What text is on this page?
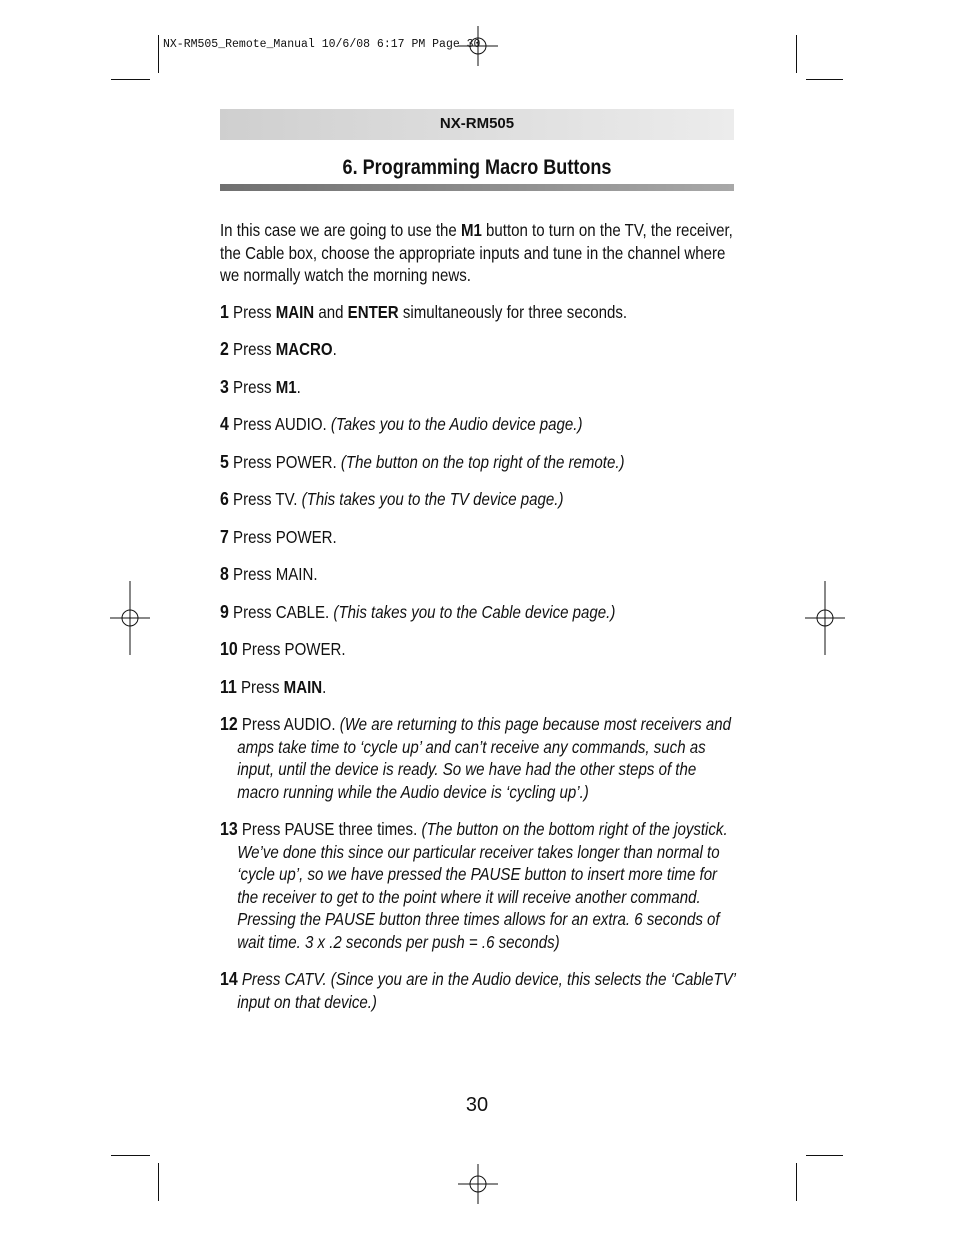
NX-RM505_Remote_Manual 10/6/08 6:17 PM Page 30
NX-RM505
6. Programming Macro Buttons

In this case we are going to use the M1 button to turn on the TV, the receiver, the Cable box, choose the appropriate inputs and tune in the channel where we normally watch the morning news.

1 Press MAIN and ENTER simultaneously for three seconds.

2 Press MACRO.

3 Press M1.

4 Press AUDIO. (Takes you to the Audio device page.)

5 Press POWER. (The button on the top right of the remote.)

6 Press TV. (This takes you to the TV device page.)

7 Press POWER.

8 Press MAIN.

9 Press CABLE. (This takes you to the Cable device page.)

10 Press POWER.

11 Press MAIN.

12 Press AUDIO. (We are returning to this page because most receivers and amps take time to ‘cycle up’ and can’t receive any commands, such as input, until the device is ready. So we have had the other steps of the macro running while the Audio device is ‘cycling up’.)

13 Press PAUSE three times. (The button on the bottom right of the joystick. We’ve done this since our particular receiver takes longer than normal to ‘cycle up’, so we have pressed the PAUSE button to insert more time for the receiver to get to the point where it will receive another command. Pressing the PAUSE button three times allows for an extra. 6 seconds of wait time. 3 x .2 seconds per push = .6 seconds)

14 Press CATV. (Since you are in the Audio device, this selects the ‘CableTV’ input on that device.)

30
